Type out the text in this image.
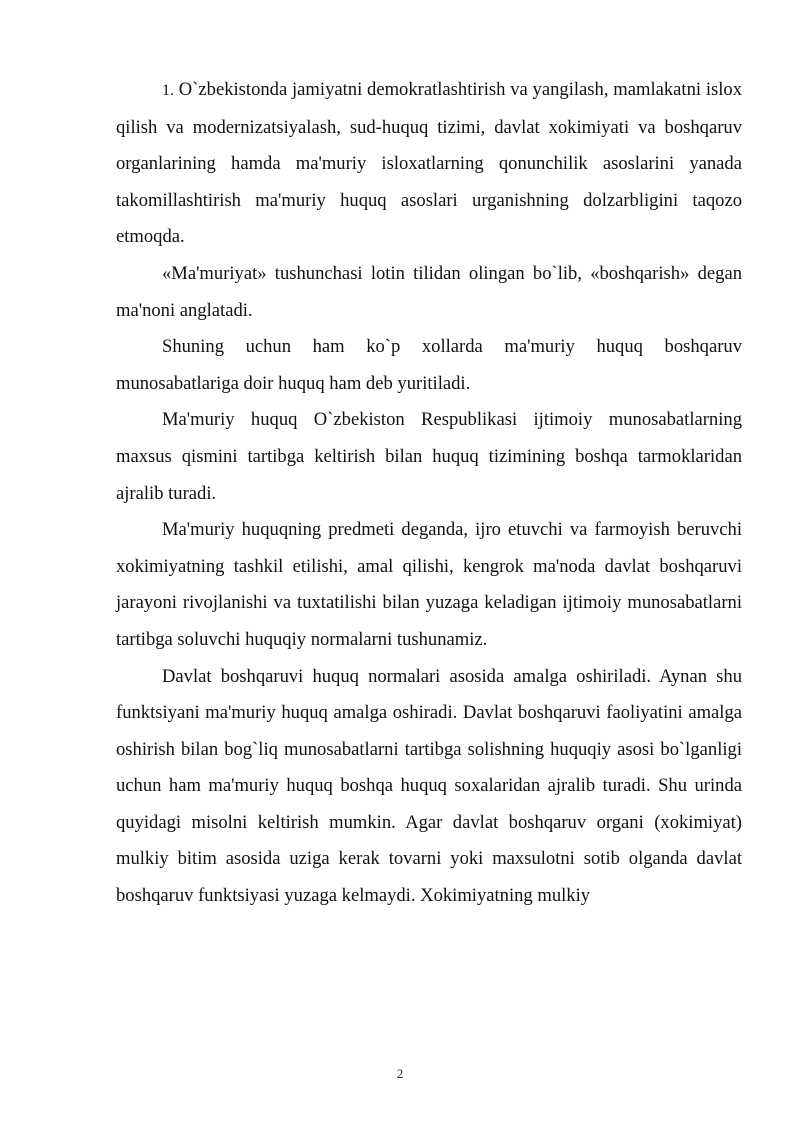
1. O`zbekistonda jamiyatni demokratlashtirish va yangilash, mamlakatni islox qilish va modernizatsiyalash, sud-huquq tizimi, davlat xokimiyati va boshqaruv organlarining hamda ma'muriy isloxatlarning qonunchilik asoslarini yanada takomillashtirish ma'muriy huquq asoslari urganishning dolzarbligini taqozo etmoqda.

«Ma'muriyat» tushunchasi lotin tilidan olingan bo`lib, «boshqarish» degan ma'noni anglatadi.

Shuning uchun ham ko`p xollarda ma'muriy huquq boshqaruv munosabatlariga doir huquq ham deb yuritiladi.

Ma'muriy huquq O`zbekiston Respublikasi ijtimoiy munosabatlarning maxsus qismini tartibga keltirish bilan huquq tizimining boshqa tarmoklaridan ajralib turadi.

Ma'muriy huquqning predmeti deganda, ijro etuvchi va farmoyish beruvchi xokimiyatning tashkil etilishi, amal qilishi, kengrok ma'noda davlat boshqaruvi jarayoni rivojlanishi va tuxtatilishi bilan yuzaga keladigan ijtimoiy munosabatlarni tartibga soluvchi huquqiy normalarni tushunamiz.

Davlat boshqaruvi huquq normalari asosida amalga oshiriladi. Aynan shu funktsiyani ma'muriy huquq amalga oshiradi. Davlat boshqaruvi faoliyatini amalga oshirish bilan bog`liq munosabatlarni tartibga solishning huquqiy asosi bo`lganligi uchun ham ma'muriy huquq boshqa huquq soxalaridan ajralib turadi. Shu urinda quyidagi misolni keltirish mumkin. Agar davlat boshqaruv organi (xokimiyat) mulkiy bitim asosida uziga kerak tovarni yoki maxsulotni sotib olganda davlat boshqaruv funktsiyasi yuzaga kelmaydi. Xokimiyatning mulkiy

2
